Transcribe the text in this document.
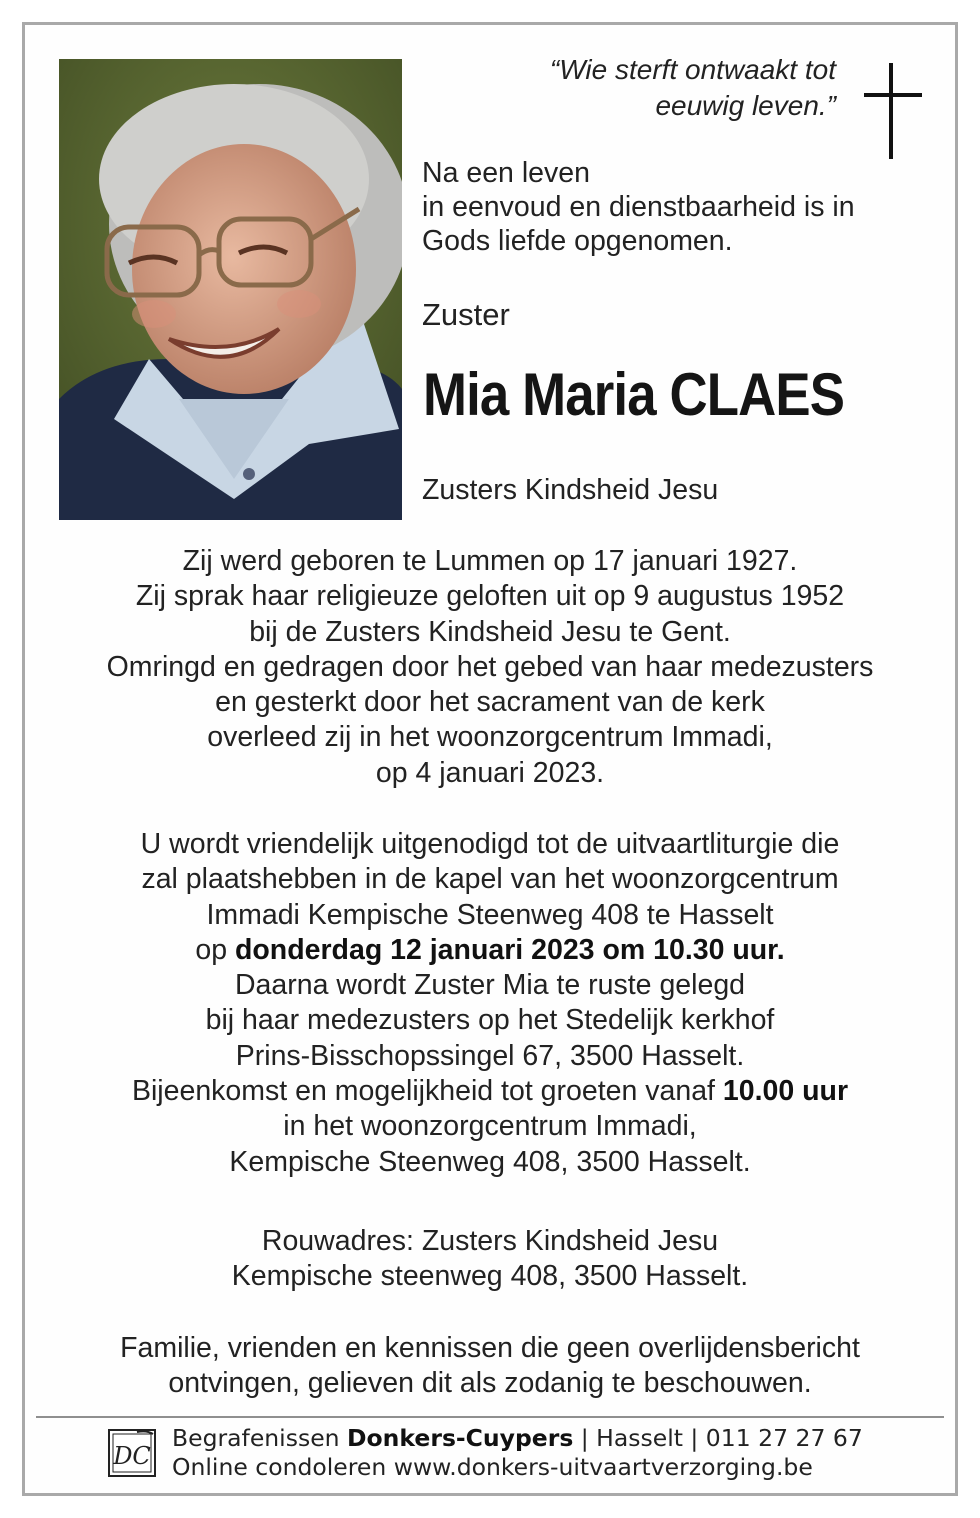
“Wie sterft ontwaakt tot
eeuwig leven.”
Na een leven
in eenvoud en dienstbaarheid is in
Gods liefde opgenomen.
Zuster
Mia Maria CLAES
Zusters Kindsheid Jesu
Zij werd geboren te Lummen op 17 januari 1927.
Zij sprak haar religieuze geloften uit op 9 augustus 1952
bij de Zusters Kindsheid Jesu te Gent.
Omringd en gedragen door het gebed van haar medezusters
en gesterkt door het sacrament van de kerk
overleed zij in het woonzorgcentrum Immadi,
op 4 januari 2023.
U wordt vriendelijk uitgenodigd tot de uitvaartliturgie die
zal plaatshebben in de kapel van het woonzorgcentrum
Immadi Kempische Steenweg 408 te Hasselt
op donderdag 12 januari 2023 om 10.30 uur.
Daarna wordt Zuster Mia te ruste gelegd
bij haar medezusters op het Stedelijk kerkhof
Prins-Bisschopssingel 67, 3500 Hasselt.
Bijeenkomst en mogelijkheid tot groeten vanaf 10.00 uur
in het woonzorgcentrum Immadi,
Kempische Steenweg 408, 3500 Hasselt.
Rouwadres: Zusters Kindsheid Jesu
Kempische steenweg 408, 3500 Hasselt.
Familie, vrienden en kennissen die geen overlijdensbericht
ontvingen, gelieven dit als zodanig te beschouwen.
DC
Begrafenissen Donkers-Cuypers | Hasselt | 011 27 27 67
Online condoleren www.donkers-uitvaartverzorging.be
